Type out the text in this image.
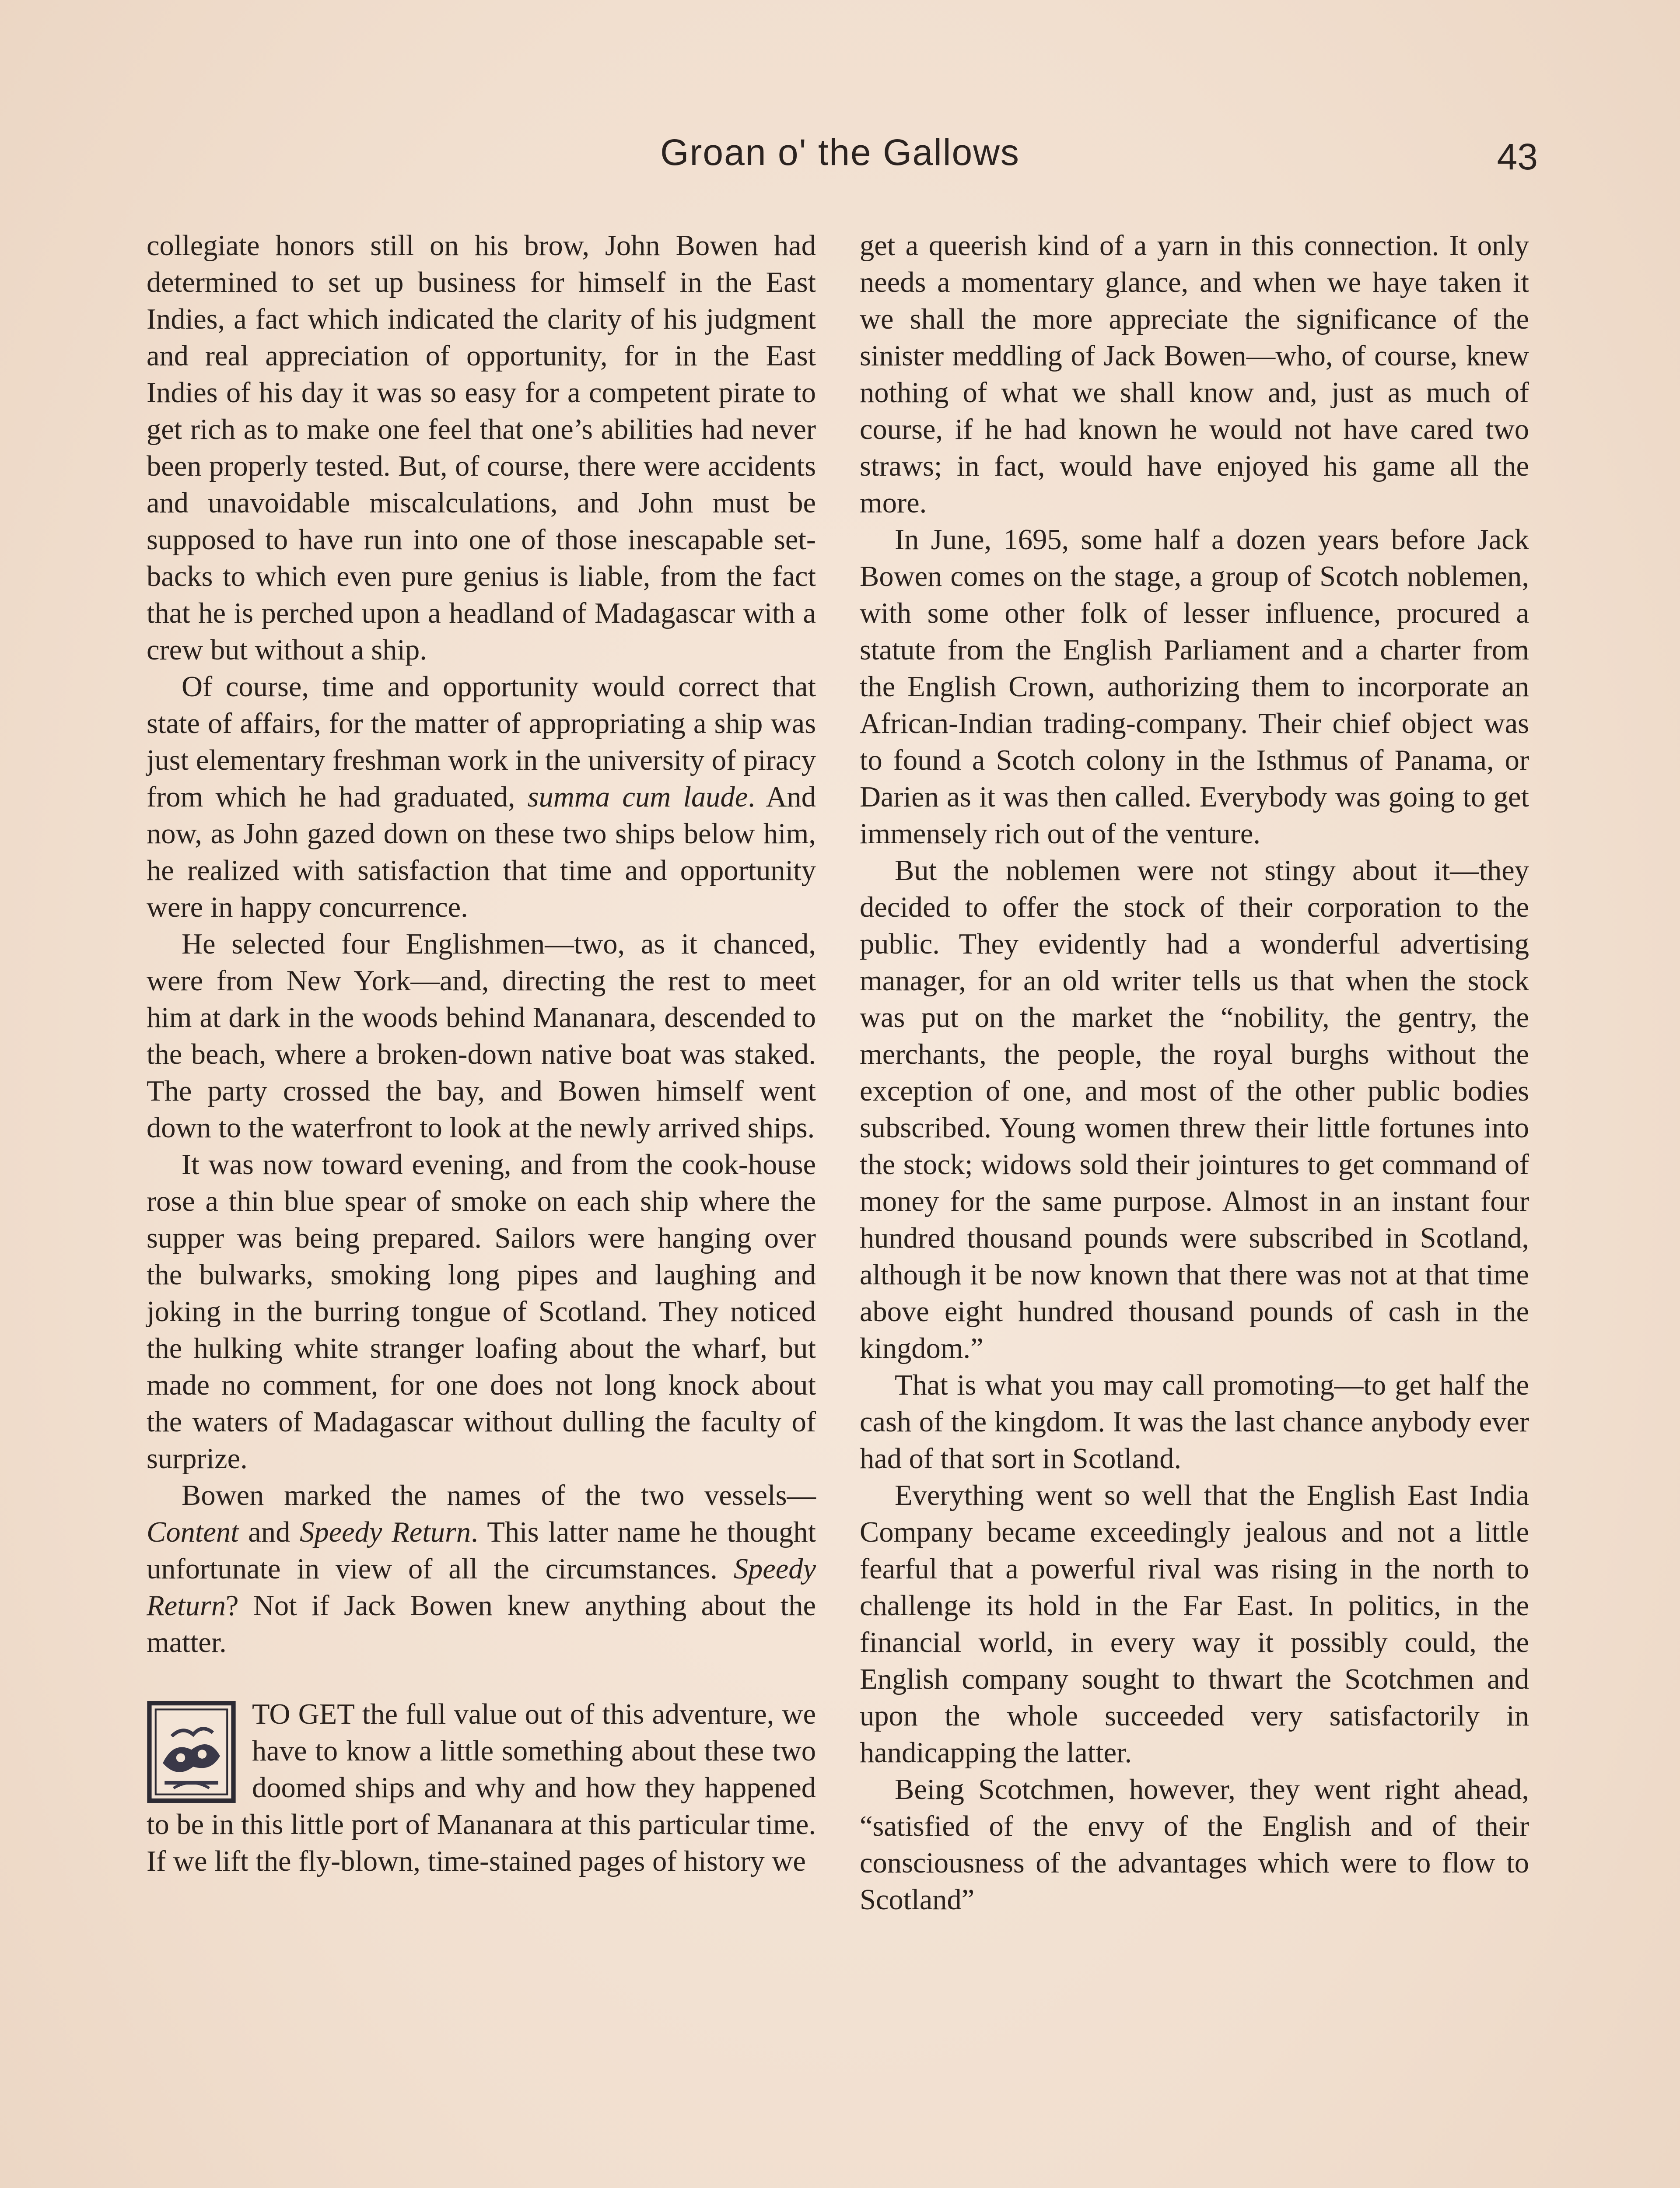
Groan o' the Gallows	43

collegiate honors still on his brow, John Bowen had determined to set up business for himself in the East Indies, a fact which indicated the clarity of his judgment and real appreciation of opportunity, for in the East Indies of his day it was so easy for a competent pirate to get rich as to make one feel that one’s abilities had never been properly tested. But, of course, there were accidents and unavoidable miscalculations, and John must be supposed to have run into one of those inescapable set-backs to which even pure genius is liable, from the fact that he is perched upon a headland of Madagascar with a crew but without a ship.

Of course, time and opportunity would correct that state of affairs, for the matter of appropriating a ship was just elementary freshman work in the university of piracy from which he had graduated, summa cum laude. And now, as John gazed down on these two ships below him, he realized with satisfaction that time and opportunity were in happy concurrence.

He selected four Englishmen—two, as it chanced, were from New York—and, directing the rest to meet him at dark in the woods behind Mananara, descended to the beach, where a broken-down native boat was staked. The party crossed the bay, and Bowen himself went down to the waterfront to look at the newly arrived ships.

It was now toward evening, and from the cook-house rose a thin blue spear of smoke on each ship where the supper was being prepared. Sailors were hanging over the bulwarks, smoking long pipes and laughing and joking in the burring tongue of Scotland. They noticed the hulking white stranger loafing about the wharf, but made no comment, for one does not long knock about the waters of Madagascar without dulling the faculty of surprize.

Bowen marked the names of the two vessels—Content and Speedy Return. This latter name he thought unfortunate in view of all the circumstances. Speedy Return? Not if Jack Bowen knew anything about the matter.

TO GET the full value out of this adventure, we have to know a little something about these two doomed ships and why and how they happened to be in this little port of Mananara at this particular time. If we lift the fly-blown, time-stained pages of history we

get a queerish kind of a yarn in this connection. It only needs a momentary glance, and when we haye taken it we shall the more appreciate the significance of the sinister meddling of Jack Bowen—who, of course, knew nothing of what we shall know and, just as much of course, if he had known he would not have cared two straws; in fact, would have enjoyed his game all the more.

In June, 1695, some half a dozen years before Jack Bowen comes on the stage, a group of Scotch noblemen, with some other folk of lesser influence, procured a statute from the English Parliament and a charter from the English Crown, authorizing them to incorporate an African-Indian trading-company. Their chief object was to found a Scotch colony in the Isthmus of Panama, or Darien as it was then called. Everybody was going to get immensely rich out of the venture.

But the noblemen were not stingy about it—they decided to offer the stock of their corporation to the public. They evidently had a wonderful advertising manager, for an old writer tells us that when the stock was put on the market the “nobility, the gentry, the merchants, the people, the royal burghs without the exception of one, and most of the other public bodies subscribed. Young women threw their little fortunes into the stock; widows sold their jointures to get command of money for the same purpose. Almost in an instant four hundred thousand pounds were subscribed in Scotland, although it be now known that there was not at that time above eight hundred thousand pounds of cash in the kingdom.”

That is what you may call promoting—to get half the cash of the kingdom. It was the last chance anybody ever had of that sort in Scotland.

Everything went so well that the English East India Company became exceedingly jealous and not a little fearful that a powerful rival was rising in the north to challenge its hold in the Far East. In politics, in the financial world, in every way it possibly could, the English company sought to thwart the Scotchmen and upon the whole succeeded very satisfactorily in handicapping the latter.

Being Scotchmen, however, they went right ahead, “satisfied of the envy of the English and of their consciousness of the advantages which were to flow to Scotland”
